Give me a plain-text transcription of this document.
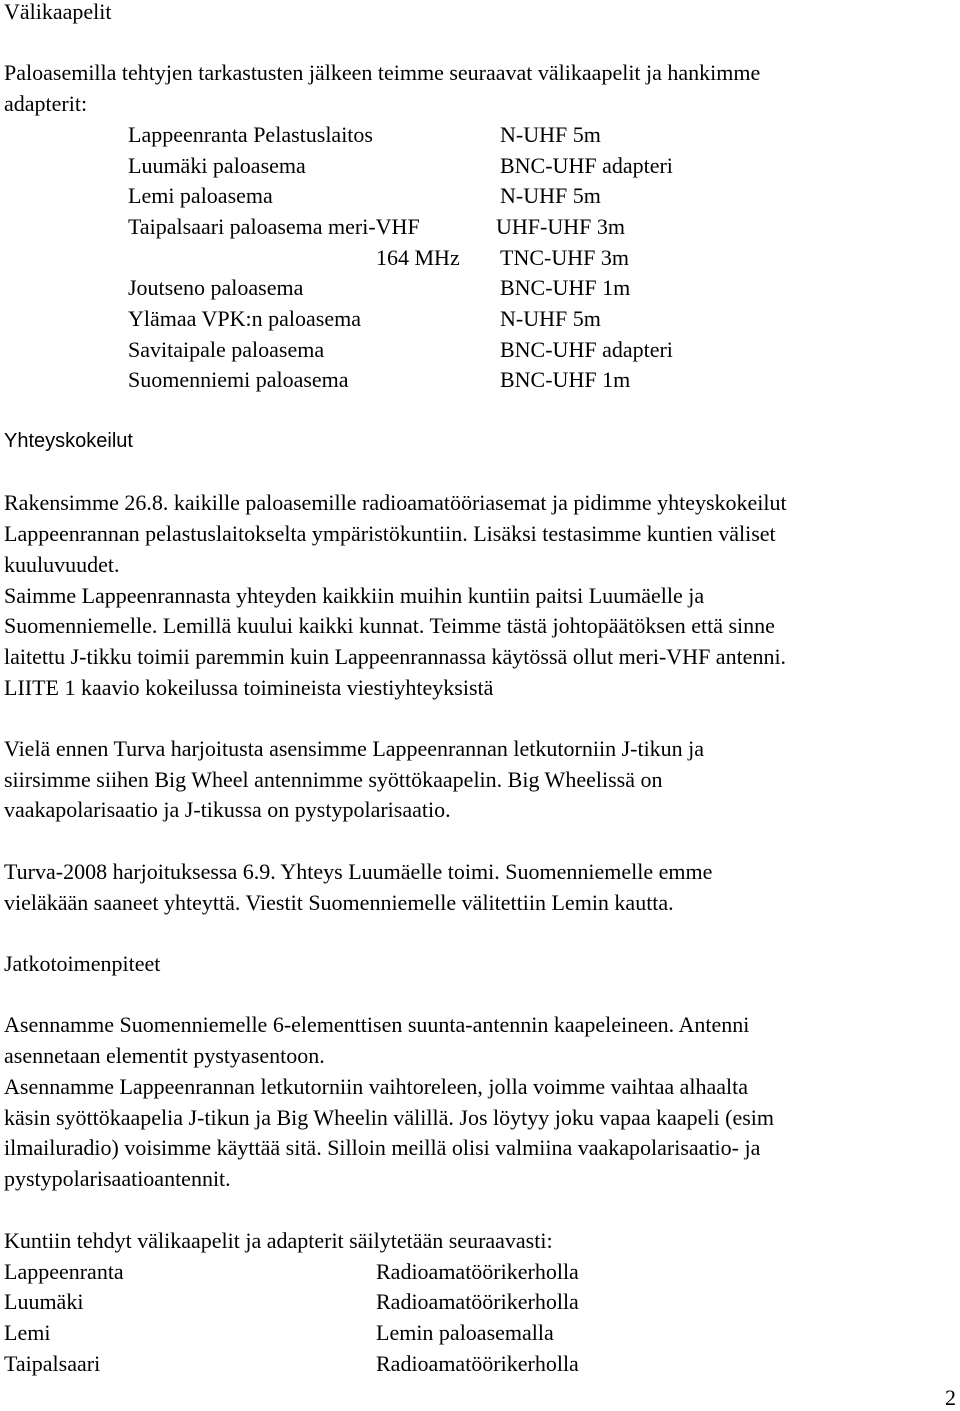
Välikaapelit
Paloasemilla tehtyjen tarkastusten jälkeen teimme seuraavat välikaapelit ja hankimme
adapterit:
Lappeenranta Pelastuslaitos	N-UHF 5m
Luumäki paloasema	BNC-UHF adapteri
Lemi paloasema	N-UHF 5m
Taipalsaari paloasema meri-VHF	UHF-UHF 3m
164 MHz TNC-UHF 3m
Joutseno paloasema	BNC-UHF 1m
Ylämaa VPK:n paloasema	N-UHF 5m
Savitaipale paloasema	BNC-UHF adapteri
Suomenniemi paloasema	BNC-UHF 1m
Yhteyskokeilut
Rakensimme 26.8. kaikille paloasemille radioamatööriasemat ja pidimme yhteyskokeilut
Lappeenrannan pelastuslaitokselta ympäristökuntiin. Lisäksi testasimme kuntien väliset
kuuluvuudet.
Saimme Lappeenrannasta yhteyden kaikkiin muihin kuntiin paitsi Luumäelle ja
Suomenniemelle. Lemillä kuului kaikki kunnat. Teimme tästä johtopäätöksen että sinne
laitettu J-tikku toimii paremmin kuin Lappeenrannassa käytössä ollut meri-VHF antenni.
LIITE 1 kaavio kokeilussa toimineista viestiyhteyksistä
Vielä ennen Turva harjoitusta asensimme Lappeenrannan letkutorniin J-tikun ja
siirsimme siihen Big Wheel antennimme syöttökaapelin. Big Wheelissä on
vaakapolarisaatio ja J-tikussa on pystypolarisaatio.
Turva-2008 harjoituksessa 6.9. Yhteys Luumäelle toimi. Suomenniemelle emme
vieläkään saaneet yhteyttä. Viestit Suomenniemelle välitettiin Lemin kautta.
Jatkotoimenpiteet
Asennamme Suomenniemelle 6-elementtisen suunta-antennin kaapeleineen. Antenni
asennetaan elementit pystyasentoon.
Asennamme Lappeenrannan letkutorniin vaihtoreleen, jolla voimme vaihtaa alhaalta
käsin syöttökaapelia J-tikun ja Big Wheelin välillä. Jos löytyy joku vapaa kaapeli (esim
ilmailuradio) voisimme käyttää sitä. Silloin meillä olisi valmiina vaakapolarisaatio- ja
pystypolarisaatioantennit.
Kuntiin tehdyt välikaapelit ja adapterit säilytetään seuraavasti:
Lappeenranta	Radioamatöörikerholla
Luumäki	Radioamatöörikerholla
Lemi	Lemin paloasemalla
Taipalsaari	Radioamatöörikerholla
2
